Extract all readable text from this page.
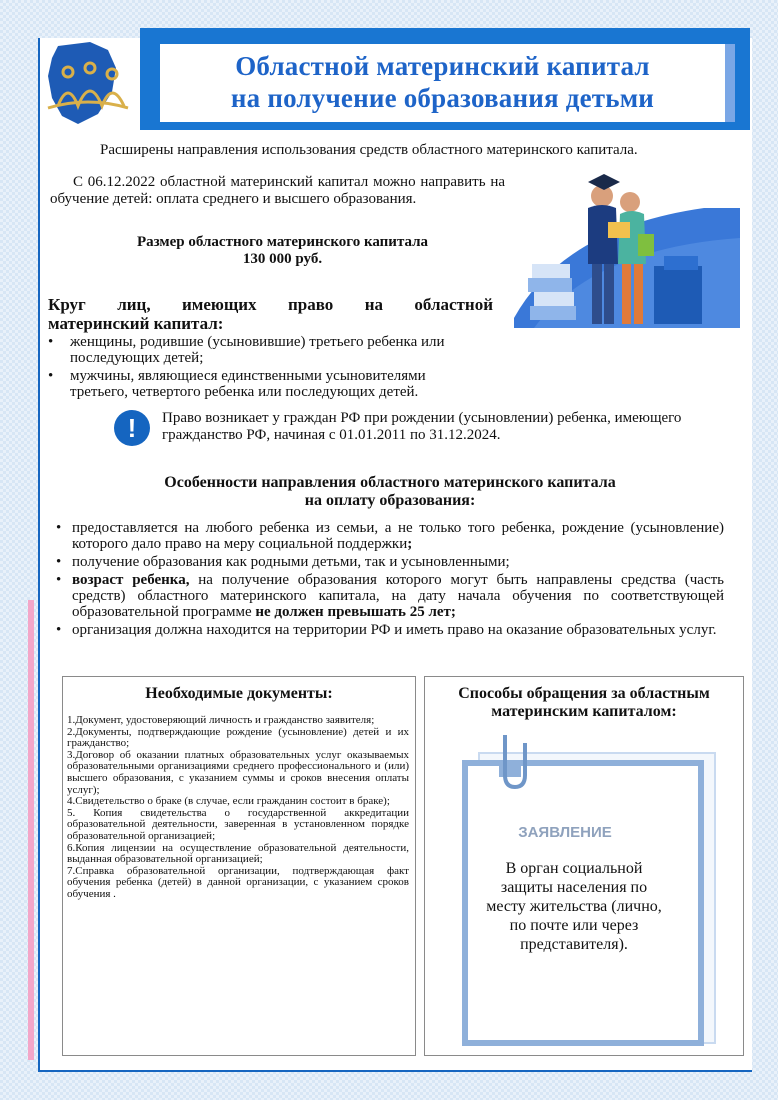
Областной материнский капитал
на получение образования детьми
Расширены направления использования средств областного материнского капитала.
С 06.12.2022 областной материнский капитал можно направить на обучение детей: оплата среднего и высшего образования.
Размер областного материнского капитала
130 000 руб.
Круг лиц, имеющих право на областной
материнский капитал:
• женщины, родившие (усыновившие) третьего ребенка или последующих детей;
• мужчины, являющиеся единственными усыновителями третьего, четвертого ребенка или последующих детей.
!	Право возникает у граждан РФ при рождении (усыновлении) ребенка, имеющего гражданство РФ, начиная с 01.01.2011 по 31.12.2024.
Особенности направления областного материнского капитала
на оплату образования:
• предоставляется на любого ребенка из семьи, а не только того ребенка, рождение (усыновление) которого дало право на меру социальной поддержки;
• получение образования как родными детьми, так и усыновленными;
• возраст ребенка, на получение образования которого могут быть направлены средства (часть средств) областного материнского капитала, на дату начала обучения по соответствующей образовательной программе не должен превышать 25 лет;
• организация должна находится на территории РФ и иметь право на оказание образовательных услуг.
Необходимые документы:
1.Документ, удостоверяющий личность и гражданство заявителя;
2.Документы, подтверждающие рождение (усыновление) детей и их гражданство;
3.Договор об оказании платных образовательных услуг оказываемых образовательными организациями среднего профессионального и (или) высшего образования, с указанием суммы и сроков внесения оплаты услуг);
4.Свидетельство о браке (в случае, если гражданин состоит в браке);
5. Копия свидетельства о государственной аккредитации образовательной деятельности, заверенная в установленном порядке образовательной организацией;
6.Копия лицензии на осуществление образовательной деятельности, выданная образовательной организацией;
7.Справка образовательной организации, подтверждающая факт обучения ребенка (детей) в данной организации, с указанием сроков обучения .
Способы обращения за областным материнским капиталом:
ЗАЯВЛЕНИЕ
В орган социальной защиты населения по месту жительства (лично, по почте или через представителя).
